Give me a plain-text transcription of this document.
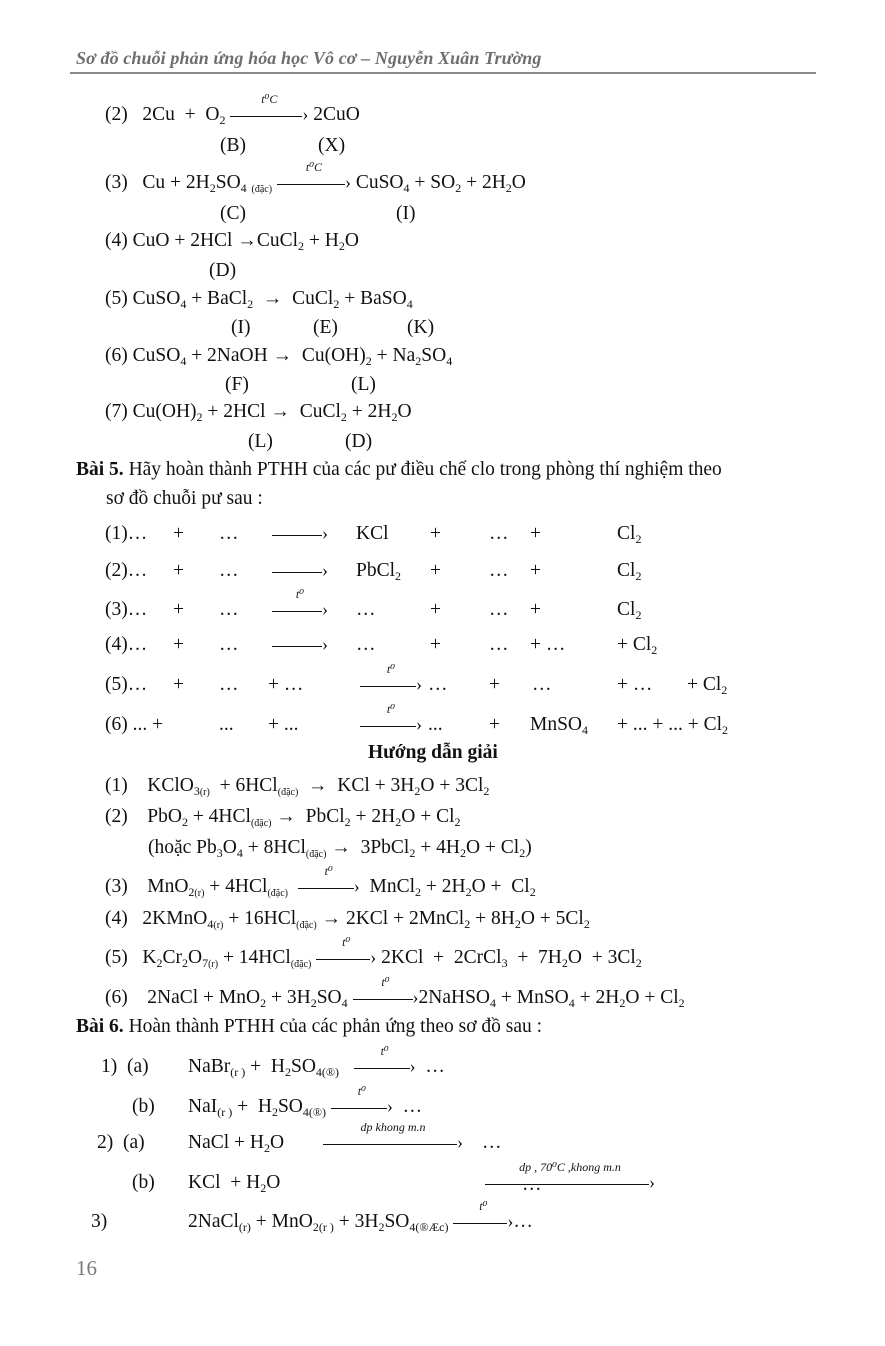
Sơ đồ chuỗi phản ứng hóa học Vô cơ – Nguyễn Xuân Trường
(2) $2Cu + O_2$
t⁰C
› 2CuO
(B)	(X)
(3) $Cu + 2H_2SO_4$ $_{(đặc)}$
t⁰C
› CuSO$_4$ + $SO_2 + 2H_2O$
(C)	(I)
(4) CuO + 2HCl →CuCl$_2$ + $H_2O$
(D)
(5) CuSO$_4$ + BaCl$_2$  →  CuCl$_2$ + BaSO$_4$
(I)	(E)	(K)
(6) CuSO$_4$ + 2NaOH →  $Cu(OH)_2 + Na_2SO_4$
(F)	(L)
(7) $Cu(OH)_2 + 2HCl$ →  CuCl$_2$ + $2H_2O$
(L)	(D)
Bài 5. Hãy hoàn thành PTHH của các pư điều chế clo trong phòng thí nghiệm theo
sơ đồ chuỗi pư sau :
(1)… + …	› KCl + … +	$Cl_2$
(2)… + …	› PbCl$_2$ + … +	$Cl_2$
(3)… + …
t⁰
› …	+ … +	$Cl_2$
(4)… + …	› …	+ … + …	+ $Cl_2$
(5)… + … + …
t⁰
› … + …	+ … + $Cl_2$
(6) ... +	... + ...
t⁰
› ... + MnSO$_4$ + ... + ... + $Cl_2$
Hướng dẫn giải
(1)    KClO$_{3(r)}$  + 6HCl$_{(đặc)}$  →  KCl + $3H_2O + 3Cl_2$
(2)    PbO$_2$ + 4HCl$_{(đặc)}$ →  PbCl$_2$ + $2H_2O + Cl_2$
(hoặc $Pb_3O_4 + 8HCl_{(đặc)}$ →  3PbCl$_2$ + $4H_2O + Cl_2$)
(3)    MnO$_{2(r)}$ + 4HCl$_{(đặc)}$
t⁰
› MnCl$_2$ + $2H_2O + Cl_2$
(4)   2KMnO$_{4(r)}$ + 16HCl$_{(đặc)}$ → 2KCl + 2MnCl$_2$ + $8H_2O + 5Cl_2$
(5)   $K_2Cr_2O_{7(r)} + 14HCl_{(đặc)}$
t⁰
› 2KCl  +  2CrCl$_3$  +  $7H_2O + 3Cl_2$
(6)    2NaCl + $MnO_2 + 3H_2SO_4$
t⁰
› 2NaHSO$_4$ + MnSO$_4$ + $2H_2O + Cl_2$
Bài 6. Hoàn thành PTHH của các phản ứng theo sơ đồ sau :
1) (a) NaBr$_{(r )}$ +  $H_2SO_{4(®)}$
t⁰
› …
(b) $NaI_{(r )} + H_2SO_{4(®)}$
t⁰
› …
2) (a) NaCl + $H_2O$
dp khong m.n
›
…
(b) KCl  + $H_2O$
dp , 70⁰C ,khong m.n
›
…
3)	2NaCl$_{(r)}$ + $MnO_{2(r )} + 3H_2SO_{4(®Æc)}$
t⁰
› …
16
